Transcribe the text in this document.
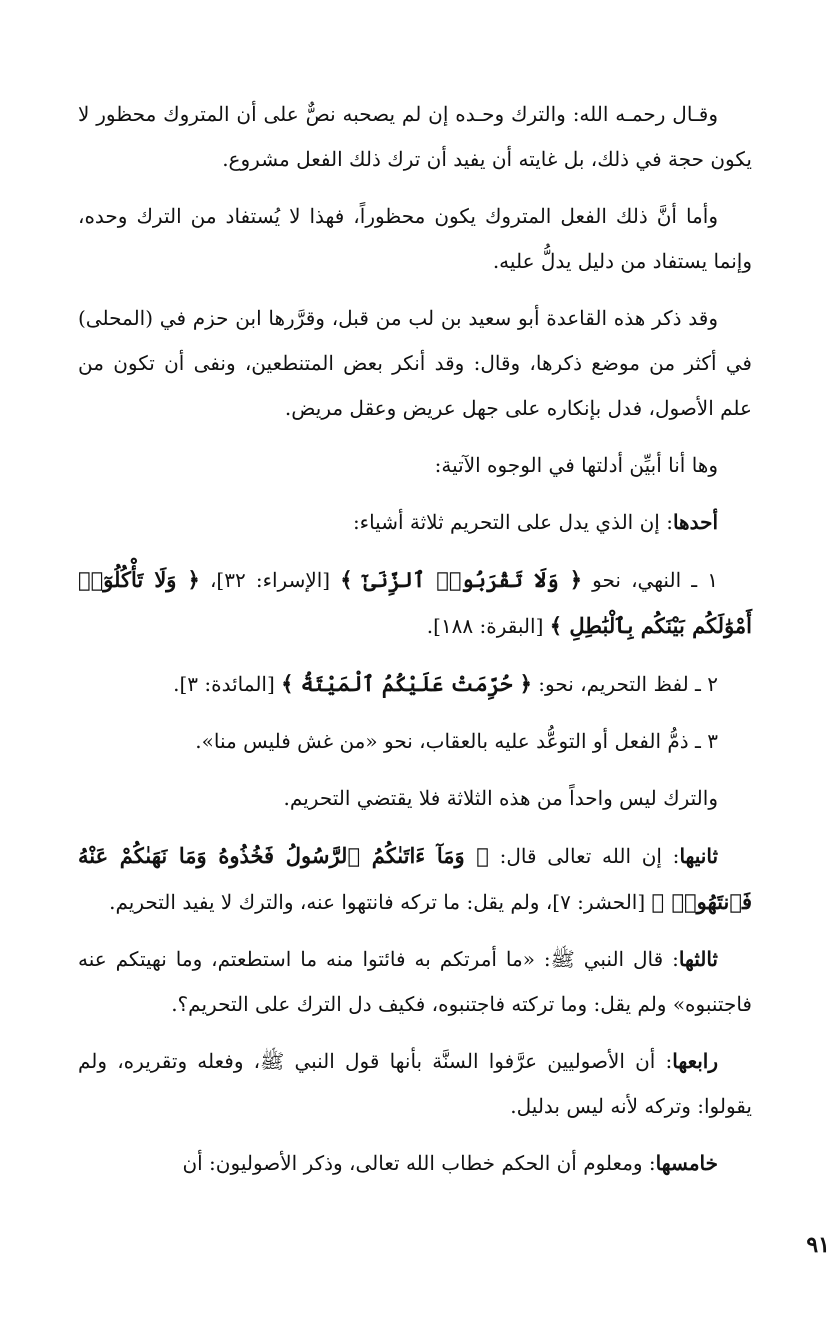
وقـال رحمـه الله: والترك وحـده إن لم يصحبه نصٌّ على أن المتروك محظور لا يكون حجة في ذلك، بل غايته أن يفيد أن ترك ذلك الفعل مشروع.

وأما أنَّ ذلك الفعل المتروك يكون محظوراً، فهذا لا يُستفاد من الترك وحده، وإنما يستفاد من دليل يدلُّ عليه.

وقد ذكر هذه القاعدة أبو سعيد بن لب من قبل، وقرَّرها ابن حزم في (المحلى) في أكثر من موضع ذكرها، وقال: وقد أنكر بعض المتنطعين، ونفى أن تكون من علم الأصول، فدل بإنكاره على جهل عريض وعقل مريض.

وها أنا أبيِّن أدلتها في الوجوه الآتية:

أحدها: إن الذي يدل على التحريم ثلاثة أشياء:

١ ـ النهي، نحو ﴿ وَلَا تَقْرَبُوا۟ ٱلزِّنَىٰٓ ﴾ [الإسراء: ٣٢]، ﴿ وَلَا تَأْكُلُوٓا۟ أَمْوَٰلَكُم بَيْنَكُم بِٱلْبَٰطِلِ ﴾ [البقرة: ١٨٨].

٢ ـ لفظ التحريم، نحو: ﴿ حُرِّمَتْ عَلَيْكُمُ ٱلْمَيْتَةُ ﴾ [المائدة: ٣].

٣ ـ ذمُّ الفعل أو التوعُّد عليه بالعقاب، نحو «من غش فليس منا».

والترك ليس واحداً من هذه الثلاثة فلا يقتضي التحريم.

ثانيها: إن الله تعالى قال: ﴿ وَمَآ ءَاتَىٰكُمُ ٱلرَّسُولُ فَخُذُوهُ وَمَا نَهَىٰكُمْ عَنْهُ فَٱنتَهُوا۟ ﴾ [الحشر: ٧]، ولم يقل: ما تركه فانتهوا عنه، والترك لا يفيد التحريم.

ثالثها: قال النبي ﷺ: «ما أمرتكم به فائتوا منه ما استطعتم، وما نهيتكم عنه فاجتنبوه» ولم يقل: وما تركته فاجتنبوه، فكيف دل الترك على التحريم؟.

رابعها: أن الأصوليين عرَّفوا السنَّة بأنها قول النبي ﷺ، وفعله وتقريره، ولم يقولوا: وتركه لأنه ليس بدليل.

خامسها: ومعلوم أن الحكم خطاب الله تعالى، وذكر الأصوليون: أن

٩١
